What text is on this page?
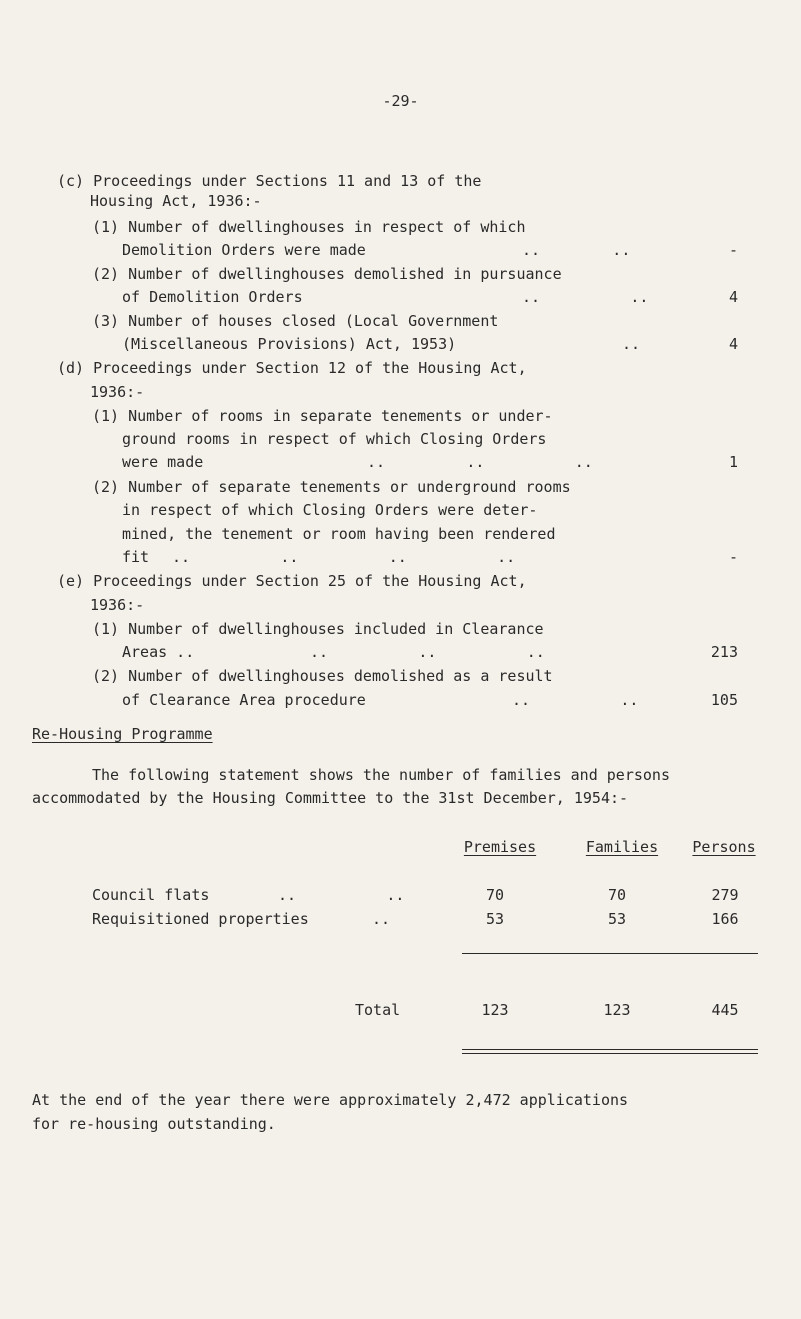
-29-
(c) Proceedings under Sections 11 and 13 of the
Housing Act, 1936:-
(1) Number of dwellinghouses in respect of which
Demolition Orders were made	..        ..	-
(2) Number of dwellinghouses demolished in pursuance
of Demolition Orders	..          ..	4
(3) Number of houses closed (Local Government
(Miscellaneous Provisions) Act, 1953)	..	4
(d) Proceedings under Section 12 of the Housing Act,
1936:-
(1) Number of rooms in separate tenements or under-
ground rooms in respect of which Closing Orders
were made	..         ..          ..	1
(2) Number of separate tenements or underground rooms
in respect of which Closing Orders were deter-
mined, the tenement or room having been rendered
fit ..          ..          ..          ..	-
(e) Proceedings under Section 25 of the Housing Act,
1936:-
(1) Number of dwellinghouses included in Clearance
Areas ..	..          ..          ..	213
(2) Number of dwellinghouses demolished as a result
of Clearance Area procedure	..          ..	105
Re-Housing Programme
The following statement shows the number of families and persons
accommodated by the Housing Committee to the 31st December, 1954:-
Premises	Families	Persons
Council flats	..          ..	70	70	279
Requisitioned properties	..	53	53	166
Total	123	123	445
At the end of the year there were approximately 2,472 applications
for re-housing outstanding.
